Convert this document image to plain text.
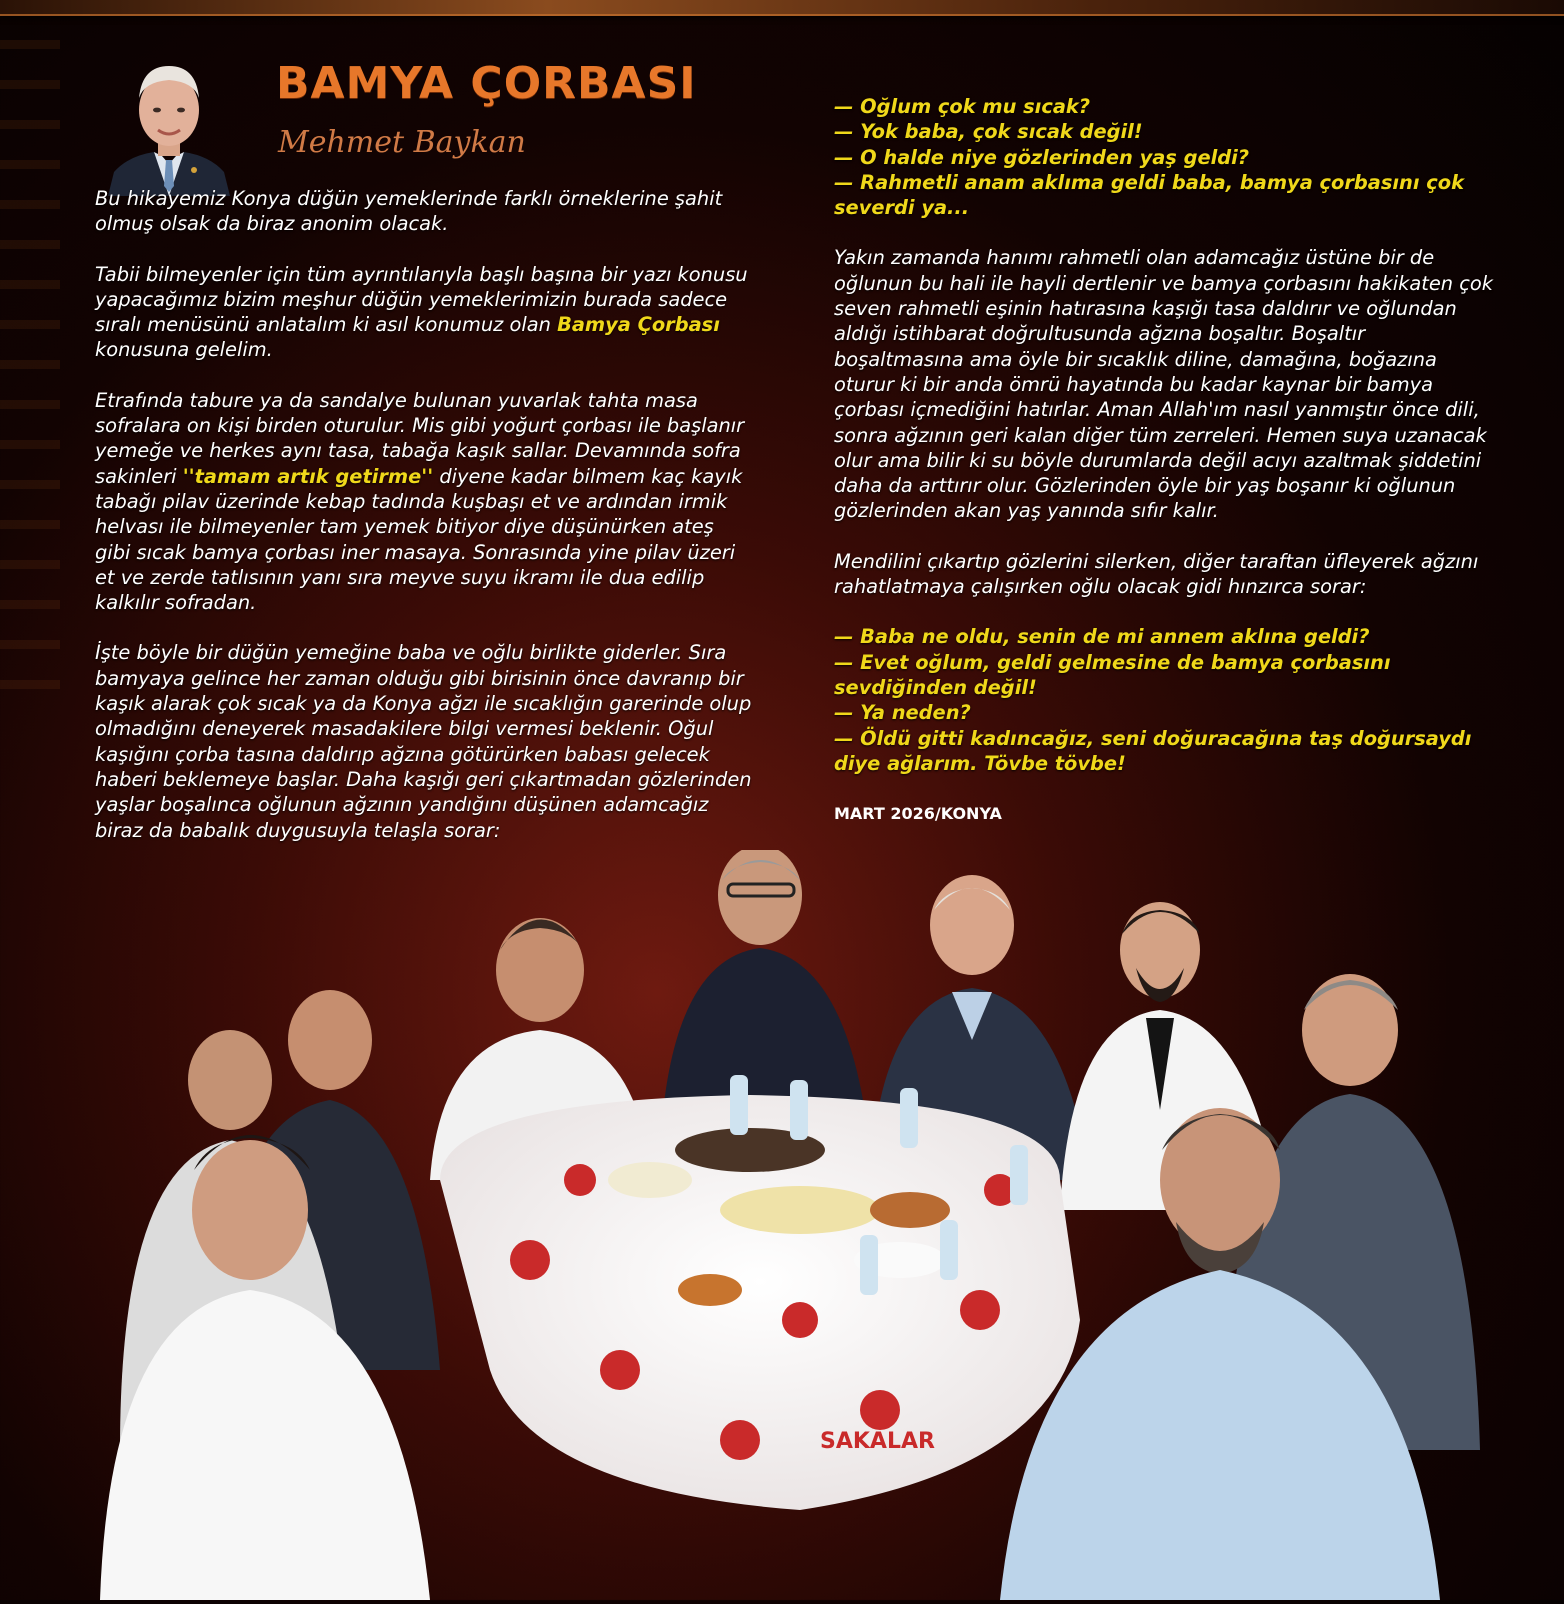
BAMYA ÇORBASI
Mehmet Baykan

Bu hikayemiz Konya düğün yemeklerinde farklı örneklerine şahit olmuş olsak da biraz anonim olacak.

Tabii bilmeyenler için tüm ayrıntılarıyla başlı başına bir yazı konusu yapacağımız bizim meşhur düğün yemeklerimizin burada sadece sıralı menüsünü anlatalım ki asıl konumuz olan Bamya Çorbası konusuna gelelim.

Etrafında tabure ya da sandalye bulunan yuvarlak tahta masa sofralara on kişi birden oturulur. Mis gibi yoğurt çorbası ile başlanır yemeğe ve herkes aynı tasa, tabağa kaşık sallar. Devamında sofra sakinleri ''tamam artık getirme'' diyene kadar bilmem kaç kayık tabağı pilav üzerinde kebap tadında kuşbaşı et ve ardından irmik helvası ile bilmeyenler tam yemek bitiyor diye düşünürken ateş gibi sıcak bamya çorbası iner masaya. Sonrasında yine pilav üzeri et ve zerde tatlısının yanı sıra meyve suyu ikramı ile dua edilip kalkılır sofradan.

İşte böyle bir düğün yemeğine baba ve oğlu birlikte giderler. Sıra bamyaya gelince her zaman olduğu gibi birisinin önce davranıp bir kaşık alarak çok sıcak ya da Konya ağzı ile sıcaklığın garerinde olup olmadığını deneyerek masadakilere bilgi vermesi beklenir. Oğul kaşığını çorba tasına daldırıp ağzına götürürken babası gelecek haberi beklemeye başlar. Daha kaşığı geri çıkartmadan gözlerinden yaşlar boşalınca oğlunun ağzının yandığını düşünen adamcağız biraz da babalık duygusuyla telaşla sorar:

— Oğlum çok mu sıcak?
— Yok baba, çok sıcak değil!
— O halde niye gözlerinden yaş geldi?
— Rahmetli anam aklıma geldi baba, bamya çorbasını çok severdi ya...

Yakın zamanda hanımı rahmetli olan adamcağız üstüne bir de oğlunun bu hali ile hayli dertlenir ve bamya çorbasını hakikaten çok seven rahmetli eşinin hatırasına kaşığı tasa daldırır ve oğlundan aldığı istihbarat doğrultusunda ağzına boşaltır. Boşaltır boşaltmasına ama öyle bir sıcaklık diline, damağına, boğazına oturur ki bir anda ömrü hayatında bu kadar kaynar bir bamya çorbası içmediğini hatırlar. Aman Allah'ım nasıl yanmıştır önce dili, sonra ağzının geri kalan diğer tüm zerreleri. Hemen suya uzanacak olur ama bilir ki su böyle durumlarda değil acıyı azaltmak şiddetini daha da arttırır olur. Gözlerinden öyle bir yaş boşanır ki oğlunun gözlerinden akan yaş yanında sıfır kalır.

Mendilini çıkartıp gözlerini silerken, diğer taraftan üfleyerek ağzını rahatlatmaya çalışırken oğlu olacak gidi hınzırca sorar:

— Baba ne oldu, senin de mi annem aklına geldi?
— Evet oğlum, geldi gelmesine de bamya çorbasını sevdiğinden değil!
— Ya neden?
— Öldü gitti kadıncağız, seni doğuracağına taş doğursaydı diye ağlarım. Tövbe tövbe!

MART 2026/KONYA
SAKALAR
